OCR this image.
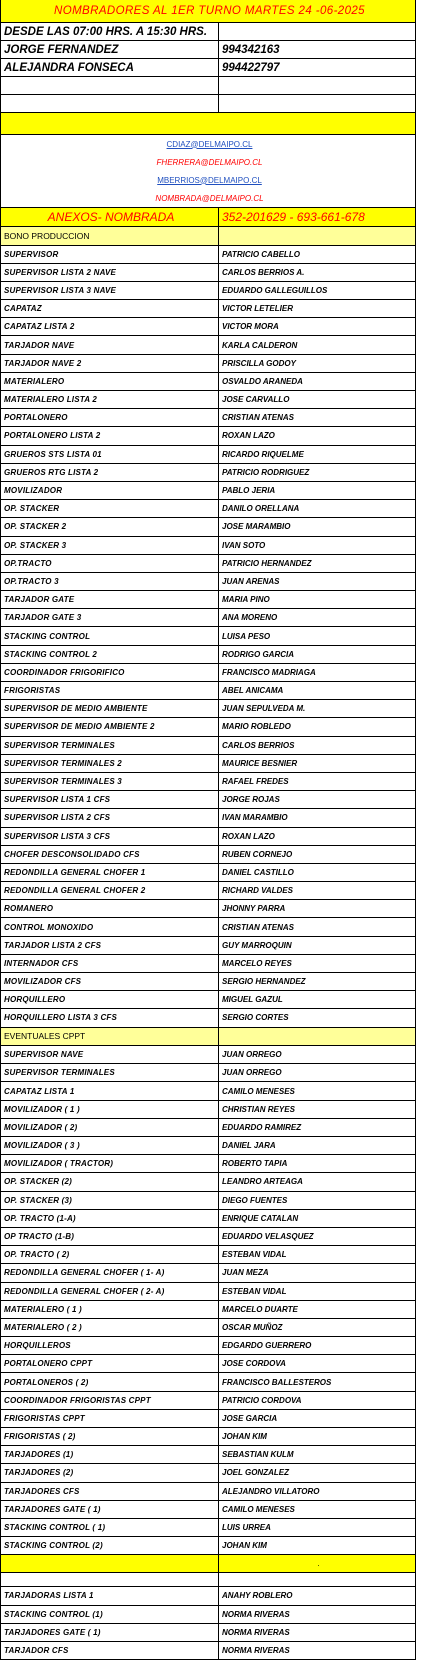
NOMBRADORES AL 1ER TURNO MARTES 24 -06-2025
DESDE LAS 07:00 HRS. A 15:30 HRS.
JORGE FERNANDEZ	994342163
ALEJANDRA FONSECA	994422797
CDIAZ@DELMAIPO.CL
FHERRERA@DELMAIPO.CL
MBERRIOS@DELMAIPO.CL
NOMBRADA@DELMAIPO.CL
ANEXOS- NOMBRADA	352-201629 - 693-661-678
BONO PRODUCCION
SUPERVISOR	PATRICIO CABELLO
SUPERVISOR LISTA 2 NAVE	CARLOS BERRIOS A.
SUPERVISOR LISTA 3 NAVE	EDUARDO GALLEGUILLOS
CAPATAZ	VICTOR LETELIER
CAPATAZ LISTA 2	VICTOR MORA
TARJADOR NAVE	KARLA CALDERON
TARJADOR NAVE 2	PRISCILLA GODOY
MATERIALERO	OSVALDO ARANEDA
MATERIALERO LISTA 2	JOSE CARVALLO
PORTALONERO	CRISTIAN ATENAS
PORTALONERO LISTA 2	ROXAN LAZO
GRUEROS STS LISTA 01	RICARDO RIQUELME
GRUEROS RTG LISTA 2	PATRICIO RODRIGUEZ
MOVILIZADOR	PABLO JERIA
OP. STACKER	DANILO ORELLANA
OP. STACKER 2	JOSE MARAMBIO
OP. STACKER 3	IVAN SOTO
OP.TRACTO	PATRICIO HERNANDEZ
OP.TRACTO 3	JUAN ARENAS
TARJADOR GATE	MARIA PINO
TARJADOR GATE 3	ANA MORENO
STACKING CONTROL	LUISA PESO
STACKING CONTROL 2	RODRIGO GARCIA
COORDINADOR FRIGORIFICO	FRANCISCO MADRIAGA
FRIGORISTAS	ABEL ANICAMA
SUPERVISOR DE MEDIO AMBIENTE	JUAN SEPULVEDA M.
SUPERVISOR DE MEDIO AMBIENTE 2	MARIO ROBLEDO
SUPERVISOR TERMINALES	CARLOS BERRIOS
SUPERVISOR TERMINALES 2	MAURICE BESNIER
SUPERVISOR TERMINALES 3	RAFAEL FREDES
SUPERVISOR LISTA 1 CFS	JORGE ROJAS
SUPERVISOR LISTA 2 CFS	IVAN MARAMBIO
SUPERVISOR LISTA 3 CFS	ROXAN LAZO
CHOFER DESCONSOLIDADO CFS	RUBEN CORNEJO
REDONDILLA GENERAL CHOFER 1	DANIEL CASTILLO
REDONDILLA GENERAL CHOFER 2	RICHARD VALDES
ROMANERO	JHONNY PARRA
CONTROL MONOXIDO	CRISTIAN ATENAS
TARJADOR LISTA 2 CFS	GUY MARROQUIN
INTERNADOR CFS	MARCELO REYES
MOVILIZADOR CFS	SERGIO HERNANDEZ
HORQUILLERO	MIGUEL GAZUL
HORQUILLERO LISTA 3 CFS	SERGIO CORTES
EVENTUALES CPPT
SUPERVISOR NAVE	JUAN ORREGO
SUPERVISOR TERMINALES	JUAN ORREGO
CAPATAZ LISTA 1	CAMILO MENESES
MOVILIZADOR ( 1 )	CHRISTIAN REYES
MOVILIZADOR ( 2)	EDUARDO RAMIREZ
MOVILIZADOR ( 3 )	DANIEL JARA
MOVILIZADOR ( TRACTOR)	ROBERTO TAPIA
OP. STACKER (2)	LEANDRO ARTEAGA
OP. STACKER (3)	DIEGO FUENTES
OP. TRACTO (1-A)	ENRIQUE CATALAN
OP TRACTO (1-B)	EDUARDO VELASQUEZ
OP. TRACTO ( 2)	ESTEBAN VIDAL
REDONDILLA GENERAL CHOFER ( 1- A)	JUAN MEZA
REDONDILLA GENERAL CHOFER ( 2- A)	ESTEBAN VIDAL
MATERIALERO ( 1 )	MARCELO DUARTE
MATERIALERO ( 2 )	OSCAR MUÑOZ
HORQUILLEROS	EDGARDO GUERRERO
PORTALONERO CPPT	JOSE CORDOVA
PORTALONEROS ( 2)	FRANCISCO BALLESTEROS
COORDINADOR FRIGORISTAS CPPT	PATRICIO CORDOVA
FRIGORISTAS CPPT	JOSE GARCIA
FRIGORISTAS ( 2)	JOHAN KIM
TARJADORES (1)	SEBASTIAN KULM
TARJADORES (2)	JOEL GONZALEZ
TARJADORES CFS	ALEJANDRO VILLATORO
TARJADORES GATE ( 1)	CAMILO MENESES
STACKING CONTROL ( 1)	LUIS URREA
STACKING CONTROL (2)	JOHAN KIM
.
TARJADORAS LISTA 1	ANAHY ROBLERO
STACKING CONTROL (1)	NORMA RIVERAS
TARJADORES GATE ( 1)	NORMA RIVERAS
TARJADOR CFS	NORMA RIVERAS
